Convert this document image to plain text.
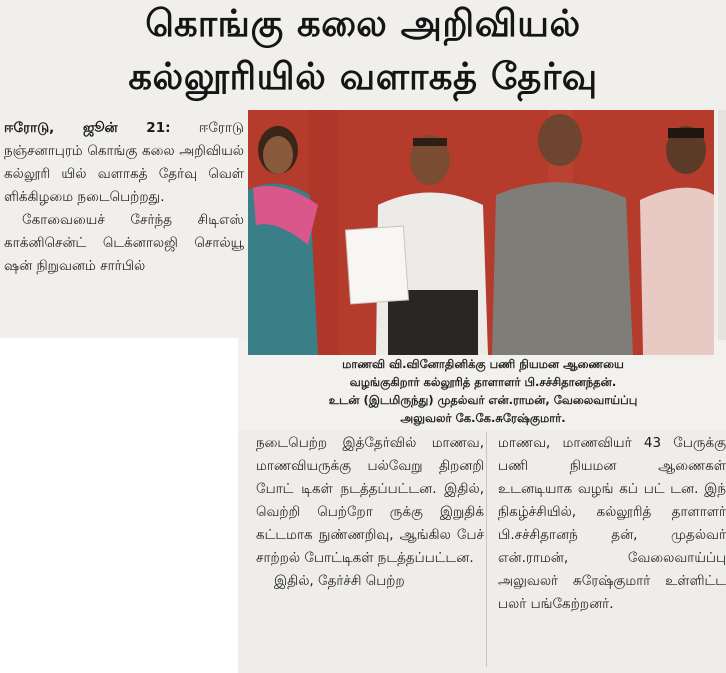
கொங்கு கலை அறிவியல்
கல்லூரியில் வளாகத் தேர்வு

ஈரோடு, ஜூன் 21: ஈரோடு நஞ்சனாபுரம் கொங்கு கலை அறிவியல் கல்லூரி யில் வளாகத் தேர்வு வெள் ளிக்கிழமை நடைபெற்றது.

கோவையைச் சேர்ந்த சிடிஎஸ் காக்னிசென்ட் டெக்னாலஜி சொல்யூ ஷன் நிறுவனம் சார்பில்

மாணவி வி.வினோதினிக்கு பணி நியமன ஆணையை
வழங்குகிறார் கல்லூரித் தாளாளர் பி.சச்சிதானந்தன்.
உடன் (இடமிருந்து) முதல்வர் என்.ராமன், வேலைவாய்ப்பு
அலுவலர் கே.கே.சுரேஷ்குமார்.

நடைபெற்ற இத்தேர்வில் மாணவ, மாணவியருக்கு பல்வேறு திறனறி போட் டிகள் நடத்தப்பட்டன. இதில், வெற்றி பெற்றோ ருக்கு இறுதிக் கட்டமாக நுண்ணறிவு, ஆங்கில பேச் சாற்றல் போட்டிகள் நடத்தப்பட்டன.

இதில், தேர்ச்சி பெற்ற

மாணவ, மாணவியர் 43 பேருக்கு பணி நியமன ஆணைகள் உடனடியாக வழங் கப் பட் டன. இந் நிகழ்ச்சியில், கல்லூரித் தாளாளர் பி.சச்சிதானந் தன், முதல்வர் என்.ராமன், வேலைவாய்ப்பு அலுவலர் சுரேஷ்குமார் உள்ளிட்ட பலர் பங்கேற்றனர்.
